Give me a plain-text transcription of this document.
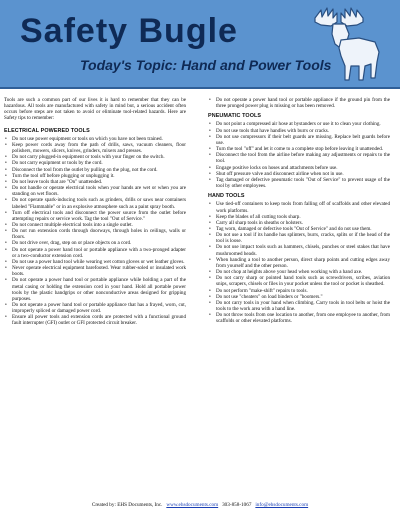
Safety Bugle
Today's Topic: Hand and Power Tools

Tools are such a common part of our lives it is hard to remember that they can be hazardous. All tools are manufactured with safety in mind but, a serious accident often occurs before steps are not taken to avoid or eliminate tool-related hazards. Here are Safety tips to remember:

ELECTRICAL POWERED TOOLS
• Do not use power equipment or tools on which you have not been trained.
• Keep power cords away from the path of drills, saws, vacuum cleaners, floor polishers, mowers, slicers, knives, grinders, mixers and presses.
• Do not carry plugged-in equipment or tools with your finger on the switch.
• Do not carry equipment or tools by the cord.
• Disconnect the tool from the outlet by pulling on the plug, not the cord.
• Turn the tool off before plugging or unplugging it.
• Do not leave tools that are "On" unattended.
• Do not handle or operate electrical tools when your hands are wet or when you are standing on wet floors.
• Do not operate spark-inducing tools such as grinders, drills or saws near containers labeled "Flammable" or in an explosive atmosphere such as a paint spray booth.
• Turn off electrical tools and disconnect the power source from the outlet before attempting repairs or service work. Tag the tool "Out of Service."
• Do not connect multiple electrical tools into a single outlet.
• Do not run extension cords through doorways, through holes in ceilings, walls or floors.
• Do not drive over, drag, step on or place objects on a cord.
• Do not operate a power hand tool or portable appliance with a two-pronged adapter or a two-conductor extension cord.
• Do not use a power hand tool while wearing wet cotton gloves or wet leather gloves.
• Never operate electrical equipment barefooted. Wear rubber-soled or insulated work boots.
• Do not operate a power hand tool or portable appliance while holding a part of the metal casing or holding the extension cord in your hand. Hold all portable power tools by the plastic handgrips or other nonconductive areas designed for gripping purposes.
• Do not operate a power hand tool or portable appliance that has a frayed, worn, cut, improperly spliced or damaged power cord.
• Ensure all power tools and extension cords are protected with a functional ground fault interrupter (GFI) outlet or GFI protected circuit breaker.
• Do not operate a power hand tool or portable appliance if the ground pin from the three pronged power plug is missing or has been removed.
PNEUMATIC TOOLS
• Do not point a compressed air hose at bystanders or use it to clean your clothing.
• Do not use tools that have handles with burrs or cracks.
• Do not use compressors if their belt guards are missing. Replace belt guards before use.
• Turn the tool "off" and let it come to a complete stop before leaving it unattended.
• Disconnect the tool from the airline before making any adjustments or repairs to the tool.
• Engage positive locks on hoses and attachments before use.
• Shut off pressure valve and disconnect airline when not in use.
• Tag damaged or defective pneumatic tools "Out of Service" to prevent usage of the tool by other employees.
HAND TOOLS
• Use tied-off containers to keep tools from falling off of scaffolds and other elevated work platforms.
• Keep the blades of all cutting tools sharp.
• Carry all sharp tools in sheaths or holsters.
• Tag worn, damaged or defective tools "Out of Service" and do not use them.
• Do not use a tool if its handle has splinters, burrs, cracks, splits or if the head of the tool is loose.
• Do not use impact tools such as hammers, chisels, punches or steel stakes that have mushroomed heads.
• When handing a tool to another person, direct sharp points and cutting edges away from yourself and the other person.
• Do not chop at heights above your head when working with a hand axe.
• Do not carry sharp or pointed hand tools such as screwdrivers, scribes, aviation snips, scrapers, chisels or files in your pocket unless the tool or pocket is sheathed.
• Do not perform "make-shift" repairs to tools.
• Do not use "cheaters" on load binders or "boomers."
• Do not carry tools in your hand when climbing. Carry tools in tool belts or hoist the tools to the work area with a hand line.
• Do not throw tools from one location to another, from one employee to another, from scaffolds or other elevated platforms.
Created by: EHS Documents, Inc. www.ehsdocuments.com 303-858-1067 info@ehsdocuments.com
